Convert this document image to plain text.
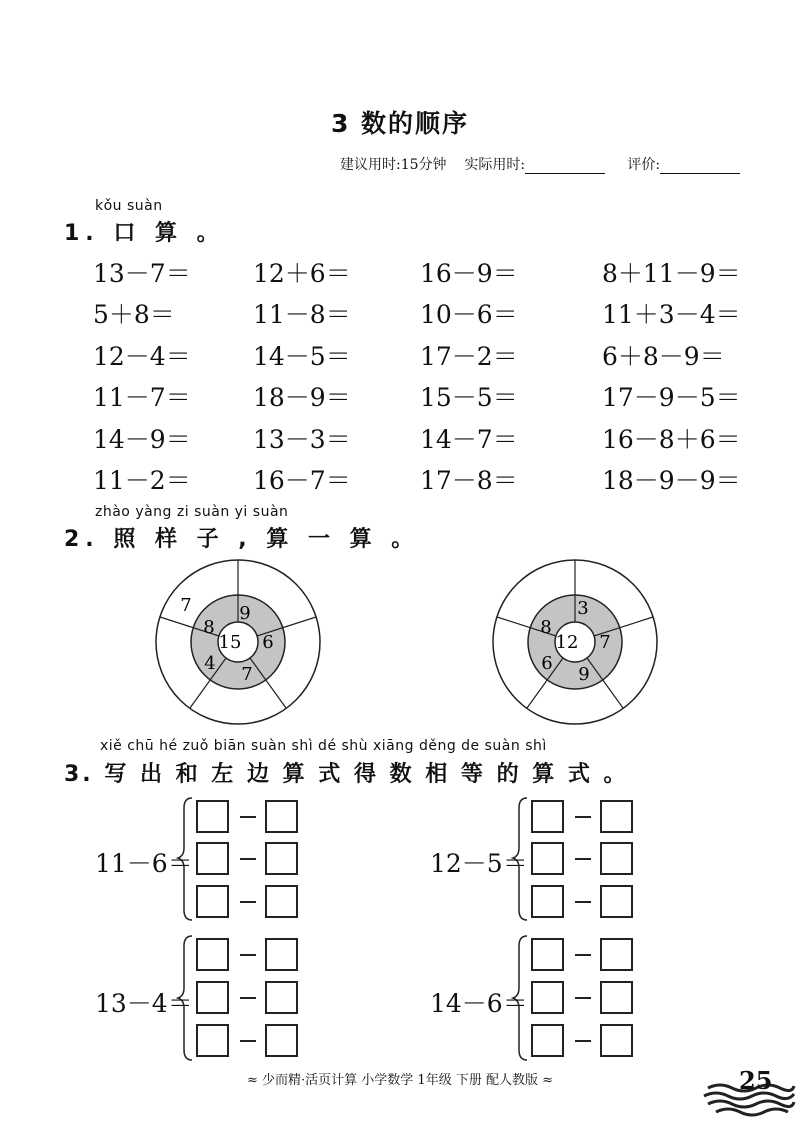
3 数的顺序
建议用时:15分钟 实际用时:	评价:
kǒu suàn
1. 口 算 。
13－7＝ 12＋6＝	16－9＝	8＋11－9＝
5＋8＝	11－8＝	10－6＝	11＋3－4＝
12－4＝ 14－5＝	17－2＝	6＋8－9＝
11－7＝ 18－9＝	15－5＝	17－9－5＝
14－9＝ 13－3＝	14－7＝	16－8＋6＝
11－2＝ 16－7＝	17－8＝	18－9－9＝
zhào yàng zi suàn yi suàn
2. 照 样 子 , 算 一 算 。
15
9
6
7
4
8
7
12
3
7
9
6
8
xiě chū hé zuǒ biān suàn shì dé shù xiāng děng de suàn shì
3. 写 出 和 左 边 算 式 得 数 相 等 的 算 式 。
11－6＝	12－5＝
13－4＝	14－6＝
≈ 少而精·活页计算 小学数学 1年级 下册 配人教版 ≈	25
